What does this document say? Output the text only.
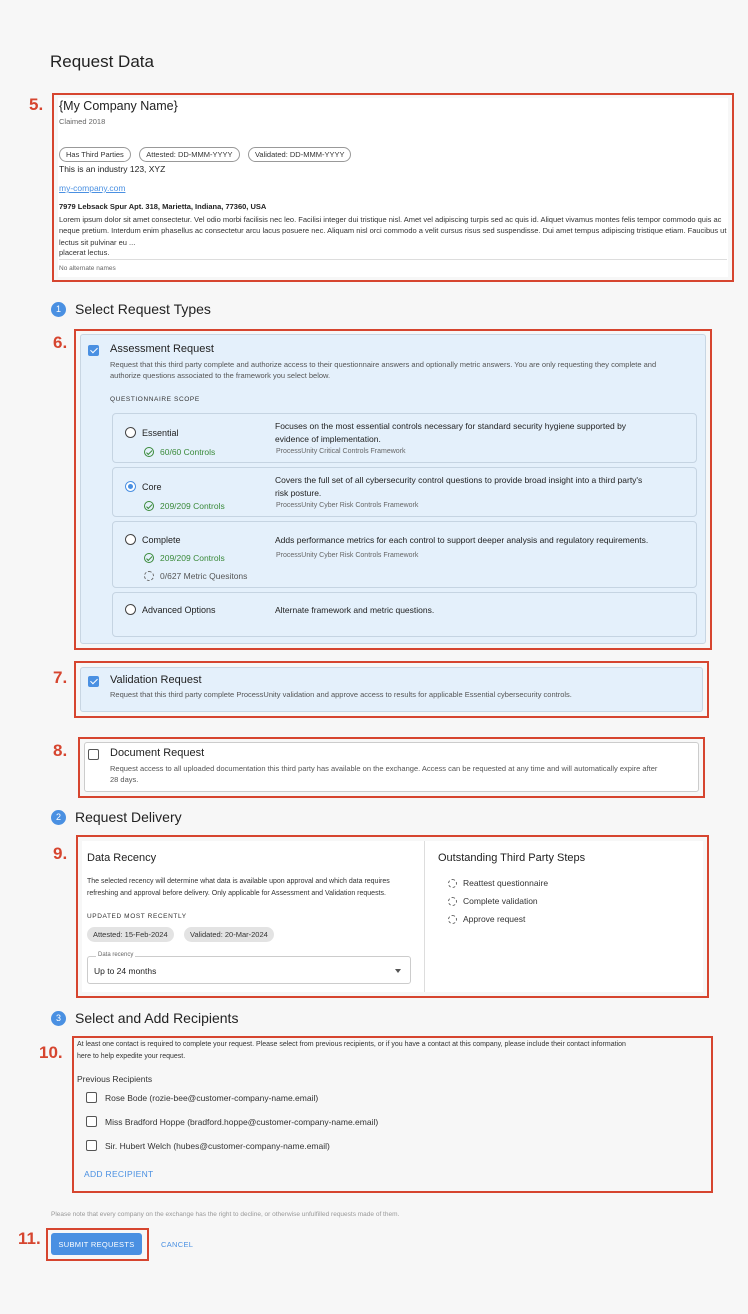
Request Data
5. {My Company Name}
Claimed 2018
Has Third Parties	Attested: DD-MMM-YYYY	Validated: DD-MMM-YYYY
This is an industry 123, XYZ
my-company.com
7979 Lebsack Spur Apt. 318, Marietta, Indiana, 77360, USA
Lorem ipsum dolor sit amet consectetur. Vel odio morbi facilisis nec leo. Facilisi integer dui tristique nisl. Amet vel adipiscing turpis sed ac quis id. Aliquet vivamus montes felis tempor commodo quis ac neque pretium. Interdum enim phasellus ac consectetur arcu lacus posuere nec. Aliquam nisl orci commodo a velit cursus risus sed suspendisse. Dui amet tempus adipiscing tristique etiam. Faucibus ut lectus sit pulvinar eu ...
placerat lectus.
No alternate names
1	Select Request Types
6.	Assessment Request
Request that this third party complete and authorize access to their questionnaire answers and optionally metric answers. You are only requesting they complete and
authorize questions associated to the framework you select below.
QUESTIONNAIRE SCOPE
Essential
60/60 Controls
Focuses on the most essential controls necessary for standard security hygiene supported by
evidence of implementation.
ProcessUnity Critical Controls Framework
Core
209/209 Controls
Covers the full set of all cybersecurity control questions to provide broad insight into a third party's
risk posture.
ProcessUnity Cyber Risk Controls Framework
Complete
209/209 Controls
0/627 Metric Quesitons
Adds performance metrics for each control to support deeper analysis and regulatory requirements.
ProcessUnity Cyber Risk Controls Framework
Advanced Options	Alternate framework and metric questions.
7.	Validation Request
Request that this third party complete ProcessUnity validation and approve access to results for applicable Essential cybersecurity controls.
8.	Document Request
Request access to all uploaded documentation this third party has available on the exchange. Access can be requested at any time and will automatically expire after
28 days.
2	Request Delivery
9. Data Recency
The selected recency will determine what data is available upon approval and which data requires
refreshing and approval before delivery. Only applicable for Assessment and Validation requests.
UPDATED MOST RECENTLY
Attested: 15-Feb-2024	Validated: 20-Mar-2024
Data recency
Up to 24 months
Outstanding Third Party Steps
Reattest questionnaire
Complete validation
Approve request
3	Select and Add Recipients
10. At least one contact is required to complete your request. Please select from previous recipients, or if you have a contact at this company, please include their contact information
here to help expedite your request.
Previous Recipients
Rose Bode (rozie-bee@customer-company-name.email)
Miss Bradford Hoppe (bradford.hoppe@customer-company-name.email)
Sir. Hubert Welch (hubes@customer-company-name.email)
ADD RECIPIENT
Please note that every company on the exchange has the right to decline, or otherwise unfulfilled requests made of them.
11.	SUBMIT REQUESTS	CANCEL
